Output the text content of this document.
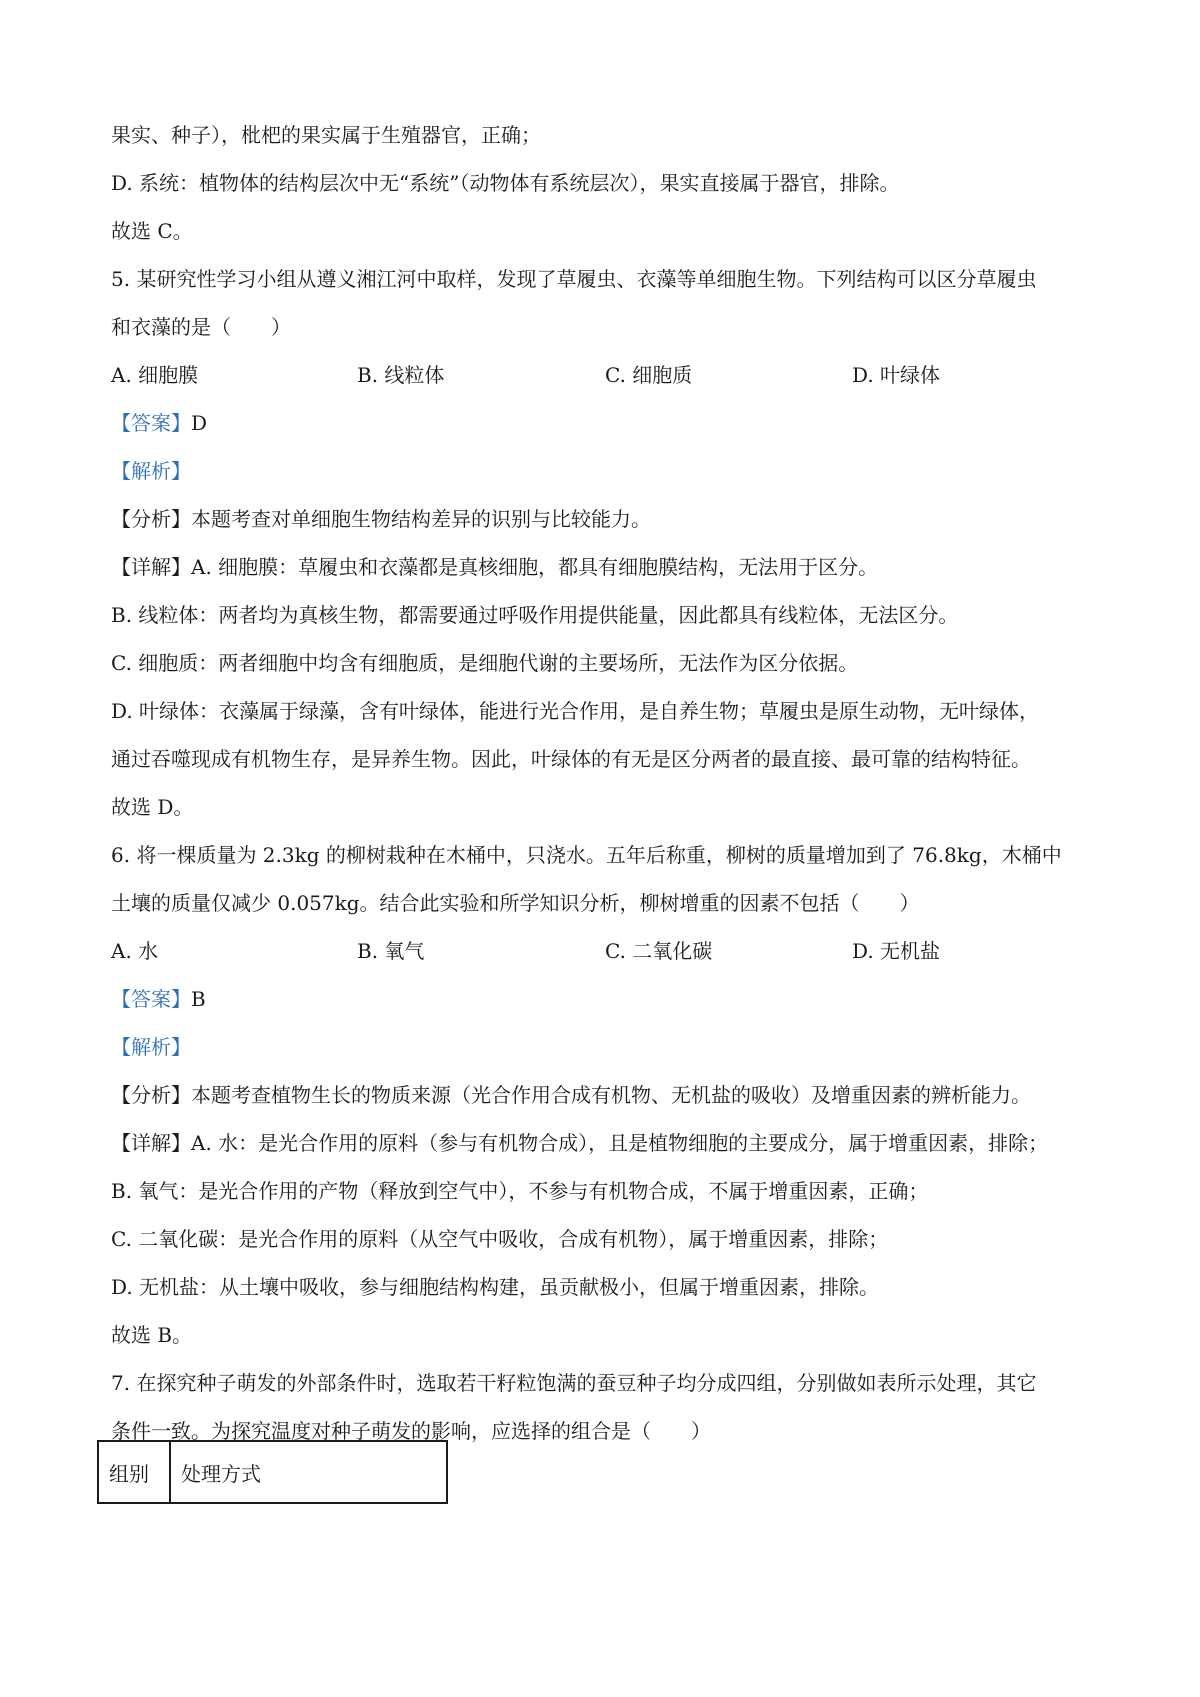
果实、种子），枇杷的果实属于生殖器官，正确；
D. 系统：植物体的结构层次中无“系统”（动物体有系统层次），果实直接属于器官，排除。
故选 C。
5. 某研究性学习小组从遵义湘江河中取样，发现了草履虫、衣藻等单细胞生物。下列结构可以区分草履虫
和衣藻的是（　　）
A. 细胞膜	B. 线粒体	C. 细胞质	D. 叶绿体
【答案】D
【解析】
【分析】本题考查对单细胞生物结构差异的识别与比较能力。
【详解】A. 细胞膜：草履虫和衣藻都是真核细胞，都具有细胞膜结构，无法用于区分。
B. 线粒体：两者均为真核生物，都需要通过呼吸作用提供能量，因此都具有线粒体，无法区分。
C. 细胞质：两者细胞中均含有细胞质，是细胞代谢的主要场所，无法作为区分依据。
D. 叶绿体：衣藻属于绿藻，含有叶绿体，能进行光合作用，是自养生物；草履虫是原生动物，无叶绿体，
通过吞噬现成有机物生存，是异养生物。因此，叶绿体的有无是区分两者的最直接、最可靠的结构特征。
故选 D。
6. 将一棵质量为 2.3kg 的柳树栽种在木桶中，只浇水。五年后称重，柳树的质量增加到了 76.8kg，木桶中
土壤的质量仅减少 0.057kg。结合此实验和所学知识分析，柳树增重的因素不包括（　　）
A. 水	B. 氧气	C. 二氧化碳	D. 无机盐
【答案】B
【解析】
【分析】本题考查植物生长的物质来源（光合作用合成有机物、无机盐的吸收）及增重因素的辨析能力。
【详解】A. 水：是光合作用的原料（参与有机物合成），且是植物细胞的主要成分，属于增重因素，排除；
B. 氧气：是光合作用的产物（释放到空气中），不参与有机物合成，不属于增重因素，正确；
C. 二氧化碳：是光合作用的原料（从空气中吸收，合成有机物），属于增重因素，排除；
D. 无机盐：从土壤中吸收，参与细胞结构构建，虽贡献极小，但属于增重因素，排除。
故选 B。
7. 在探究种子萌发的外部条件时，选取若干籽粒饱满的蚕豆种子均分成四组，分别做如表所示处理，其它
条件一致。为探究温度对种子萌发的影响，应选择的组合是（　　）
组别	处理方式
